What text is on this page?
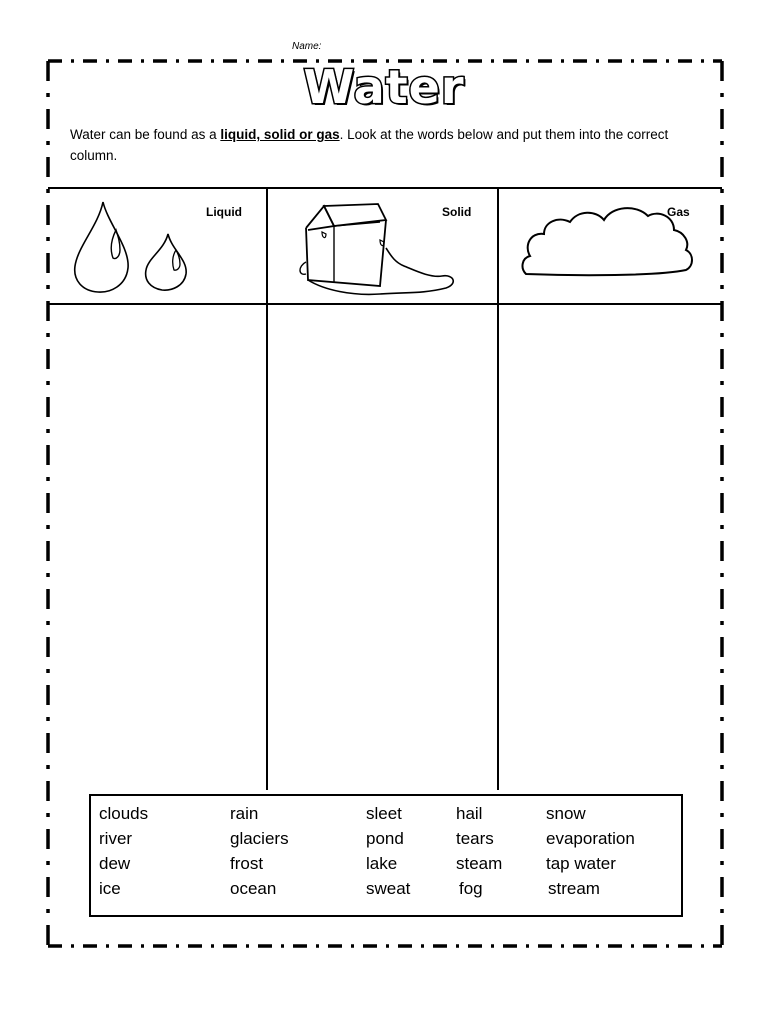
Name:
Water
Water can be found as a liquid, solid or gas. Look at the words below and put them into the correct column.
Liquid	Solid	Gas
clouds	rain	sleet	hail	snow
river	glaciers	pond	tears	evaporation
dew	frost	lake	steam	tap water
ice	ocean	sweat	fog	stream
